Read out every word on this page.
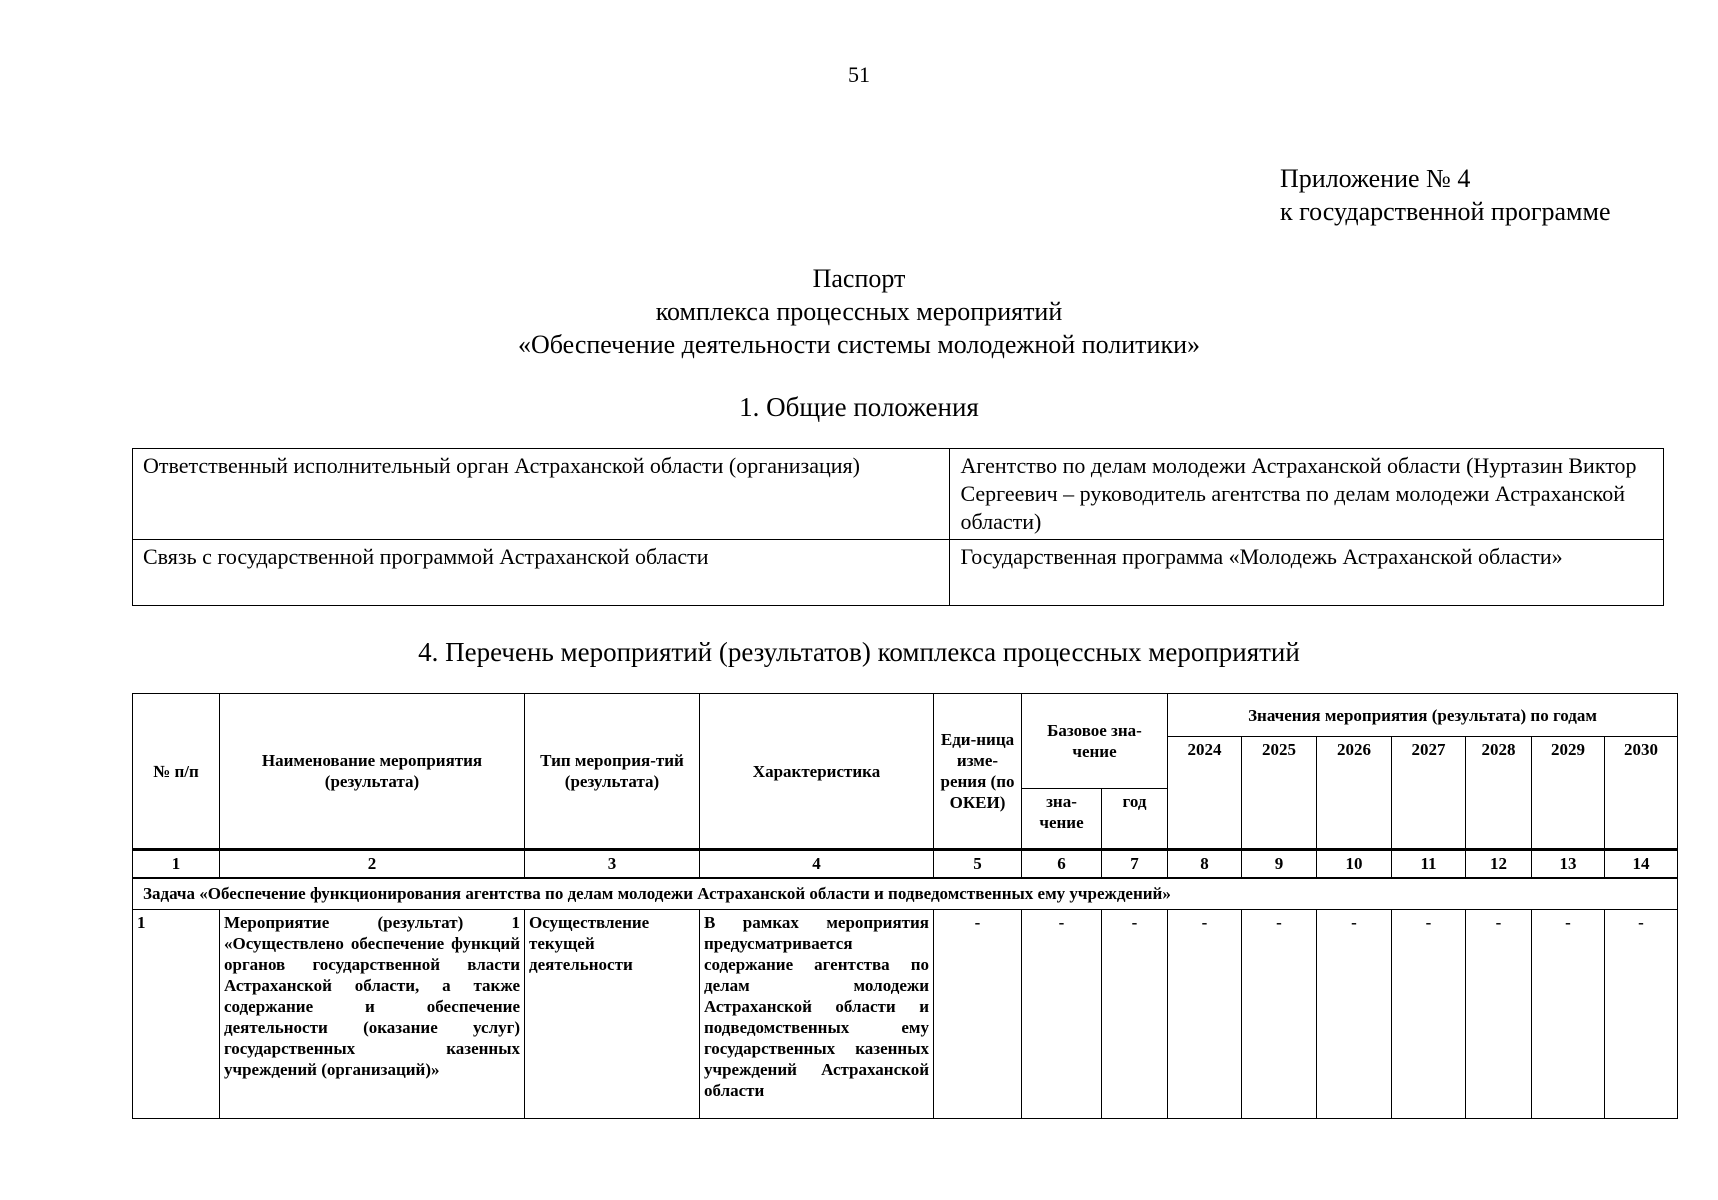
51
Приложение № 4
к государственной программе
Паспорт
комплекса процессных мероприятий
«Обеспечение деятельности системы молодежной политики»
1. Общие положения
Ответственный исполнительный орган Астраханской области (организация)	Агентство по делам молодежи Астраханской области (Нуртазин Виктор Сергеевич – руководитель агентства по делам молодежи Астраханской области)
Связь с государственной программой Астраханской области	Государственная программа «Молодежь Астраханской области»
4. Перечень мероприятий (результатов) комплекса процессных мероприятий
№ п/п	Наименование мероприятия (результата)	Тип мероприя-тий (результата)	Характеристика	Еди-ница изме-рения (по ОКЕИ)	Базовое зна-чение		Значения мероприятия (результата) по годам						
							2024	2025	2026	2027	2028	2029	2030
					зна-чение	год							
1	2	3	4	5	6	7	8	9	10	11	12	13	14
Задача «Обеспечение функционирования агентства по делам молодежи Астраханской области и подведомственных ему учреждений»													
1	Мероприятие (результат) 1 «Осуществлено обеспечение функций органов государственной власти Астраханской области, а также содержание и обеспечение деятельности (оказание услуг) государственных казенных учреждений (организаций)»	Осуществление текущей деятельности	В рамках мероприятия предусматривается содержание агентства по делам молодежи Астраханской области и подведомственных ему государственных казенных учреждений Астраханской области	-	-	-	-	-	-	-	-	-	-
